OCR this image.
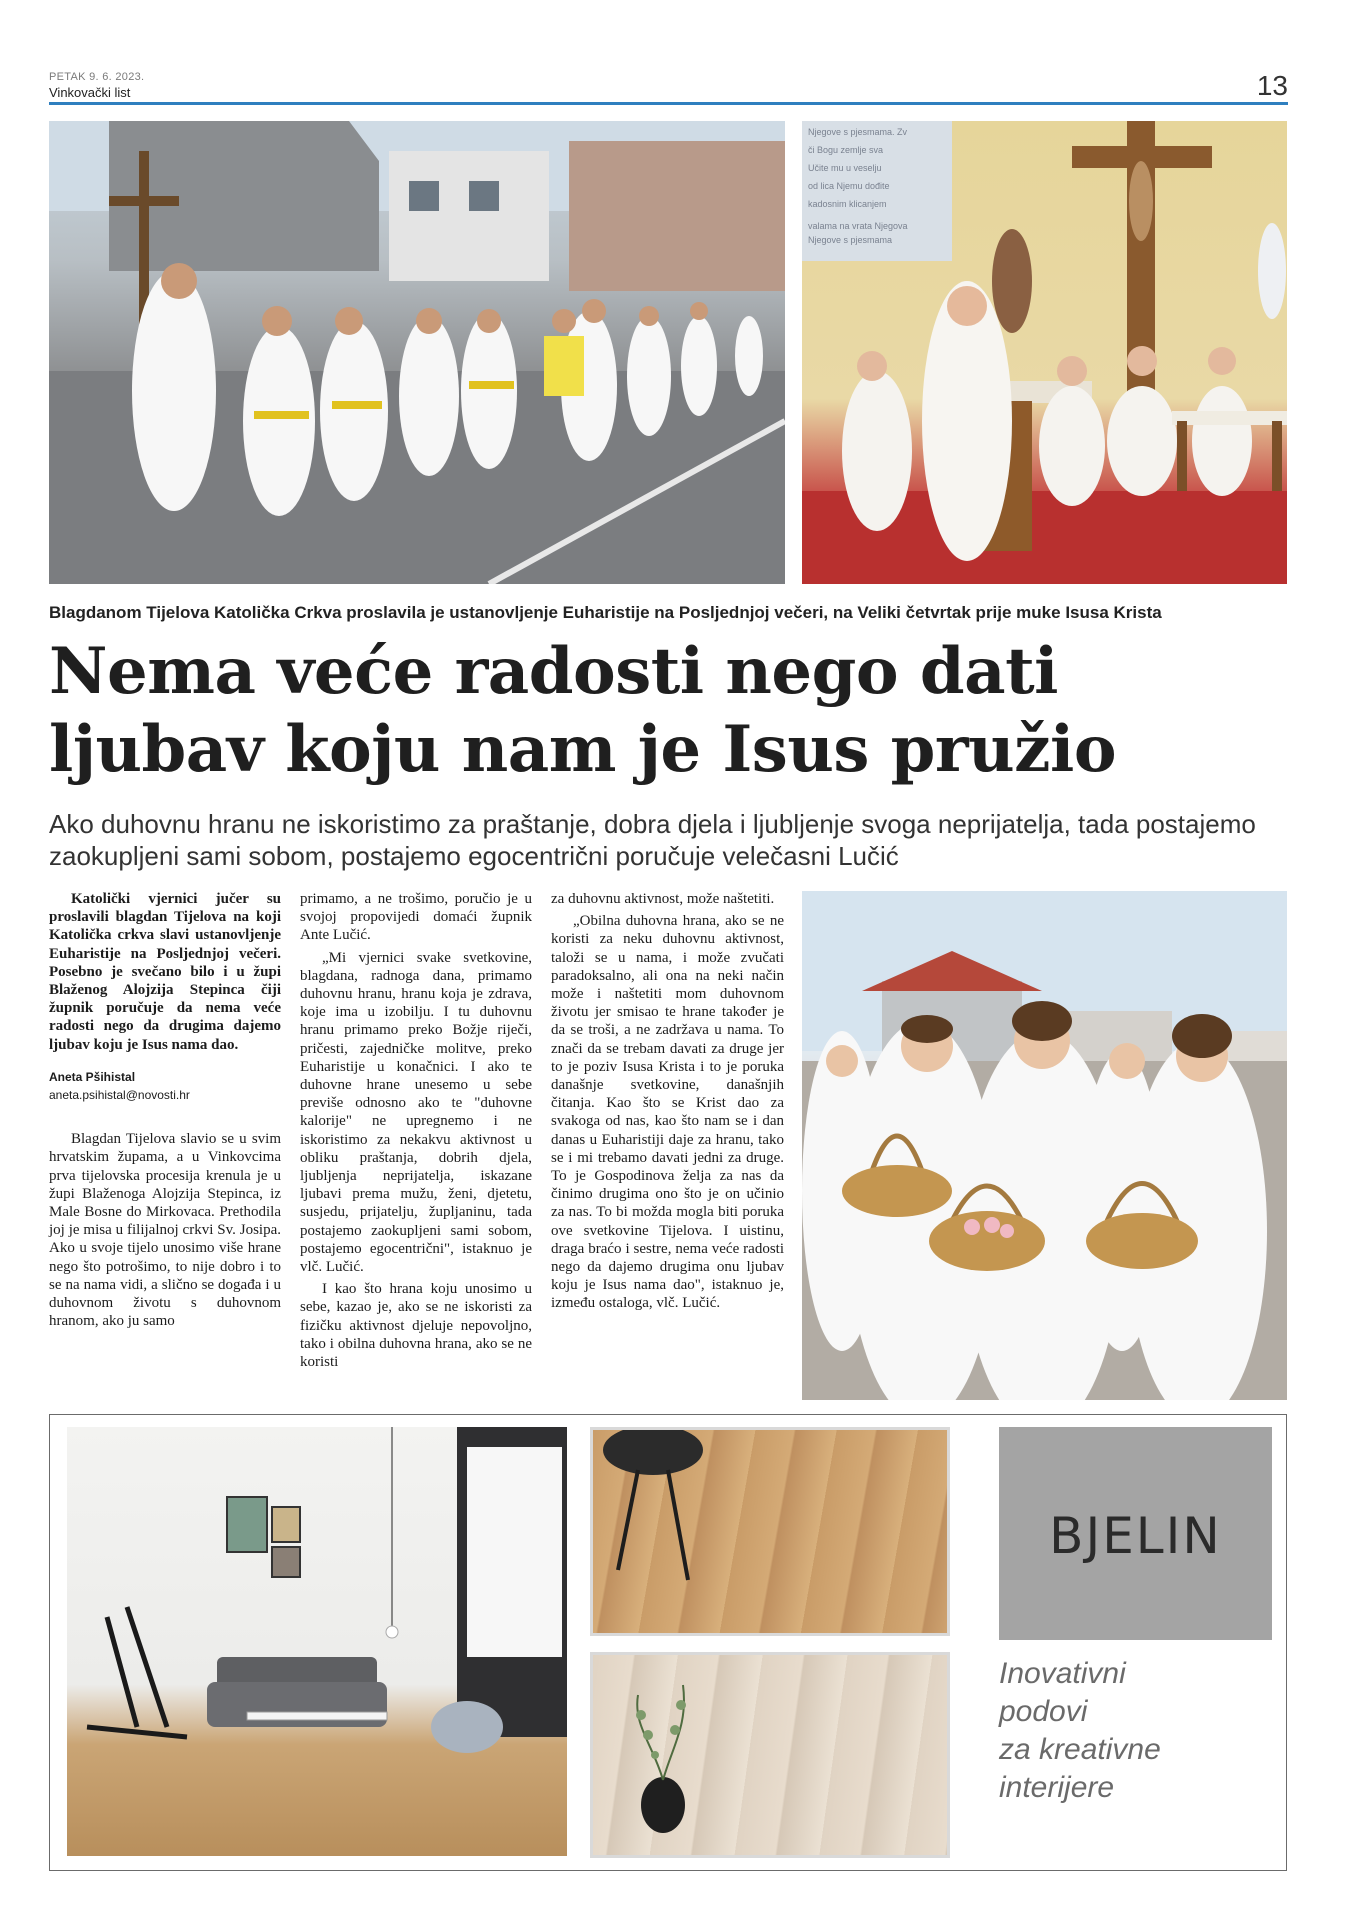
PETAK 9. 6. 2023.
Vinkovački list	13
Njegove s pjesmama. Zv či Bogu zemlje sva Učite mu u veselju od lica Njemu dođite kadosnim klicanjem valama na vrata Njegova Njegove s pjesmama
Blagdanom Tijelova Katolička Crkva proslavila je ustanovljenje Euharistije na Posljednjoj večeri, na Veliki četvrtak prije muke Isusa Krista
Nema veće radosti nego dati ljubav koju nam je Isus pružio
Ako duhovnu hranu ne iskoristimo za praštanje, dobra djela i ljubljenje svoga neprijatelja, tada postajemo zaokupljeni sami sobom, postajemo egocentrični poručuje velečasni Lučić

Katolički vjernici jučer su proslavili blagdan Tijelova na koji Katolička crkva slavi ustanovljenje Euharistije na Posljednjoj večeri. Posebno je svečano bilo i u župi Blaženog Alojzija Stepinca čiji župnik poručuje da nema veće radosti nego da drugima dajemo ljubav koju je Isus nama dao.

Aneta Pšihistal
aneta.psihistal@novosti.hr

Blagdan Tijelova slavio se u svim hrvatskim župama, a u Vinkovcima prva tijelovska procesija krenula je u župi Blaženoga Alojzija Stepinca, iz Male Bosne do Mirkovaca. Prethodila joj je misa u filijalnoj crkvi Sv. Josipa. Ako u svoje tijelo unosimo više hrane nego što potrošimo, to nije dobro i to se na nama vidi, a slično se događa i u duhovnom životu s duhovnom hranom, ako ju samo

primamo, a ne trošimo, poručio je u svojoj propovijedi domaći župnik Ante Lučić.

„Mi vjernici svake svetkovine, blagdana, radnoga dana, primamo duhovnu hranu, hranu koja je zdrava, koje ima u izobilju. I tu duhovnu hranu primamo preko Božje riječi, pričesti, zajedničke molitve, preko Euharistije u konačnici. I ako te duhovne hrane unesemo u sebe previše odnosno ako te "duhovne kalorije" ne upregnemo i ne iskoristimo za nekakvu aktivnost u obliku praštanja, dobrih djela, ljubljenja neprijatelja, iskazane ljubavi prema mužu, ženi, djetetu, susjedu, prijatelju, župljaninu, tada postajemo zaokupljeni sami sobom, postajemo egocentrični", istaknuo je vlč. Lučić.

I kao što hrana koju unosimo u sebe, kazao je, ako se ne iskoristi za fizičku aktivnost djeluje nepovoljno, tako i obilna duhovna hrana, ako se ne koristi

za duhovnu aktivnost, može naštetiti.

„Obilna duhovna hrana, ako se ne koristi za neku duhovnu aktivnost, taloži se u nama, i može zvučati paradoksalno, ali ona na neki način može i naštetiti mom duhovnom životu jer smisao te hrane također je da se troši, a ne zadržava u nama. To znači da se trebam davati za druge jer to je poziv Isusa Krista i to je poruka današnje svetkovine, današnjih čitanja. Kao što se Krist dao za svakoga od nas, kao što nam se i dan danas u Euharistiji daje za hranu, tako se i mi trebamo davati jedni za druge. To je Gospodinova želja za nas da činimo drugima ono što je on učinio za nas. To bi možda mogla biti poruka ove svetkovine Tijelova. I uistinu, draga braćo i sestre, nema veće radosti nego da dajemo drugima onu ljubav koju je Isus nama dao", istaknuo je, između ostaloga, vlč. Lučić.

BJELIN
Inovativni
podovi
za kreativne
interijere
